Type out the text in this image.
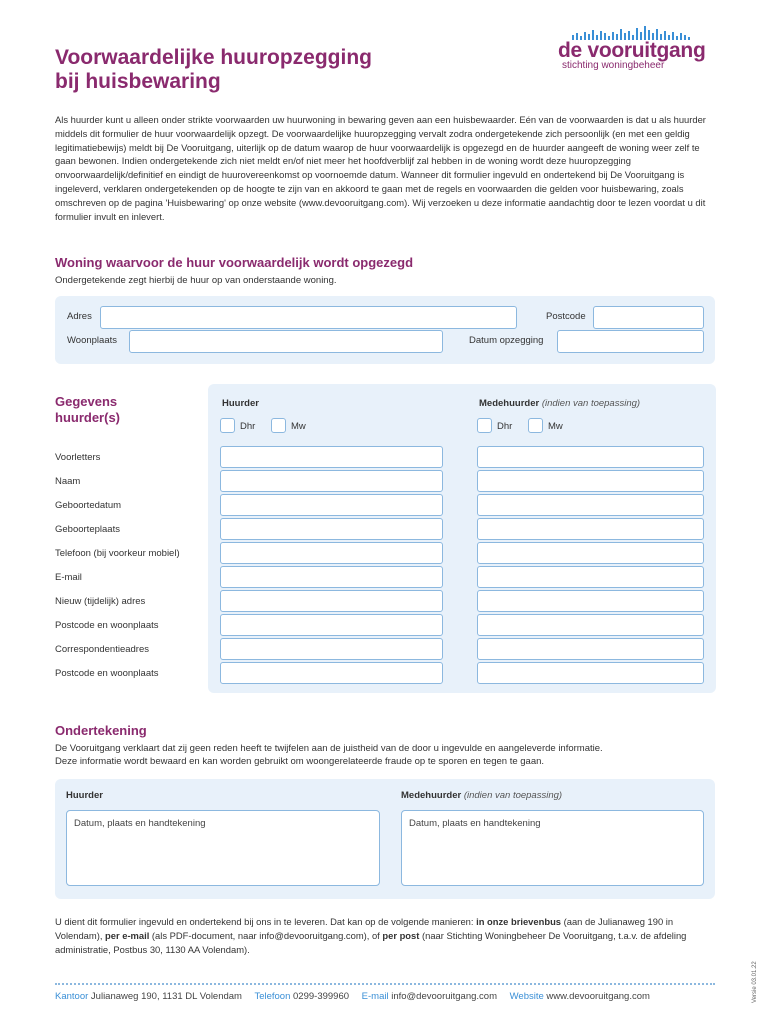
Voorwaardelijke huuropzegging
bij huisbewaring
de vooruitgang
stichting woningbeheer
Als huurder kunt u alleen onder strikte voorwaarden uw huurwoning in bewaring geven aan een huisbewaarder. Eén van de voorwaarden is dat u als huurder middels dit formulier de huur voorwaardelijk opzegt. De voorwaardelijke huuropzegging vervalt zodra ondergetekende zich persoonlijk (en met een geldig legitimatiebewijs) meldt bij De Vooruitgang, uiterlijk op de datum waarop de huur voorwaardelijk is opgezegd en de huurder aangeeft de woning weer zelf te gaan bewonen. Indien ondergetekende zich niet meldt en/of niet meer het hoofdverblijf zal hebben in de woning wordt deze huuropzegging onvoorwaardelijk/definitief en eindigt de huurovereenkomst op voornoemde datum. Wanneer dit formulier ingevuld en ondertekend bij De Vooruitgang is ingeleverd, verklaren ondergetekenden op de hoogte te zijn van en akkoord te gaan met de regels en voorwaarden die gelden voor huisbewaring, zoals omschreven op de pagina 'Huisbewaring' op onze website (www.devooruitgang.com). Wij verzoeken u deze informatie aandachtig door te lezen voordat u dit formulier invult en inlevert.
Woning waarvoor de huur voorwaardelijk wordt opgezegd
Ondergetekende zegt hierbij de huur op van onderstaande woning.
Adres	Postcode
Woonplaats	Datum opzegging
Gegevens
huurder(s)
Huurder	Medehuurder (indien van toepassing)
Dhr	Mw	Dhr	Mw
Voorletters
Naam
Geboortedatum
Geboorteplaats
Telefoon (bij voorkeur mobiel)
E-mail
Nieuw (tijdelijk) adres
Postcode en woonplaats
Correspondentieadres
Postcode en woonplaats
Ondertekening
De Vooruitgang verklaart dat zij geen reden heeft te twijfelen aan de juistheid van de door u ingevulde en aangeleverde informatie.
Deze informatie wordt bewaard en kan worden gebruikt om woongerelateerde fraude op te sporen en tegen te gaan.
Huurder	Medehuurder (indien van toepassing)
Datum, plaats en handtekening	Datum, plaats en handtekening
U dient dit formulier ingevuld en ondertekend bij ons in te leveren. Dat kan op de volgende manieren: in onze brievenbus (aan de Julianaweg 190 in Volendam), per e-mail (als PDF-document, naar info@devooruitgang.com), of per post (naar Stichting Woningbeheer De Vooruitgang, t.a.v. de afdeling administratie, Postbus 30, 1130 AA Volendam).
Kantoor Julianaweg 190, 1131 DL Volendam Telefoon 0299-399960 E-mail info@devooruitgang.com Website www.devooruitgang.com	Versie 03.01.22
